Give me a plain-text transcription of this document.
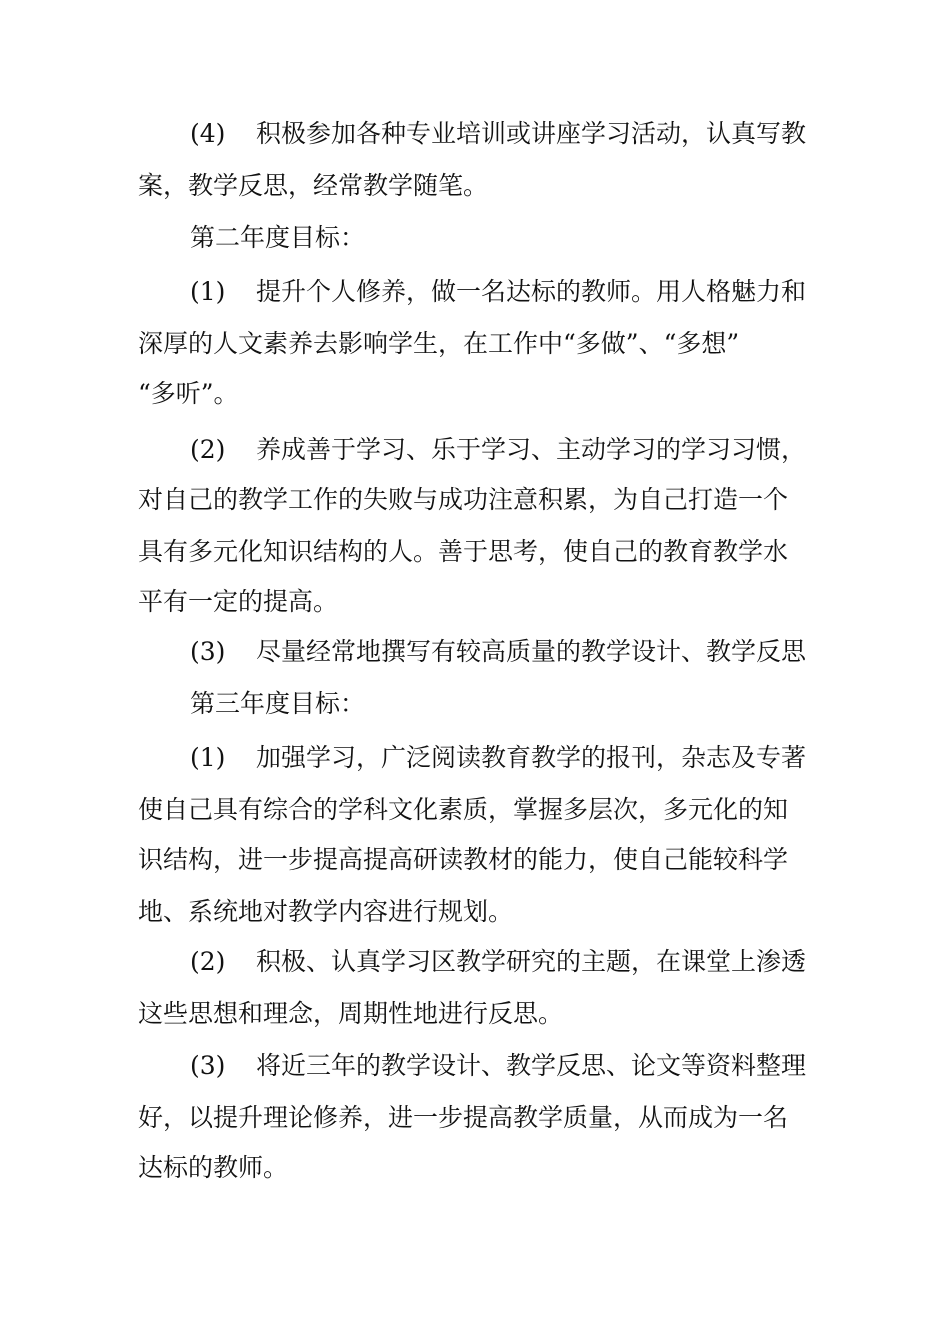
(4) 积极参加各种专业培训或讲座学习活动，认真写教
案，教学反思，经常教学随笔。
第二年度目标：
(1) 提升个人修养，做一名达标的教师。用人格魅力和
深厚的人文素养去影响学生，在工作中“多做”、“多想”
“多听”。
(2) 养成善于学习、乐于学习、主动学习的学习习惯，
对自己的教学工作的失败与成功注意积累，为自己打造一个
具有多元化知识结构的人。善于思考，使自己的教育教学水
平有一定的提高。
(3) 尽量经常地撰写有较高质量的教学设计、教学反思
第三年度目标：
(1) 加强学习，广泛阅读教育教学的报刊，杂志及专著
使自己具有综合的学科文化素质，掌握多层次，多元化的知
识结构，进一步提高提高研读教材的能力，使自己能较科学
地、系统地对教学内容进行规划。
(2) 积极、认真学习区教学研究的主题，在课堂上渗透
这些思想和理念，周期性地进行反思。
(3) 将近三年的教学设计、教学反思、论文等资料整理
好，以提升理论修养，进一步提高教学质量，从而成为一名
达标的教师。
